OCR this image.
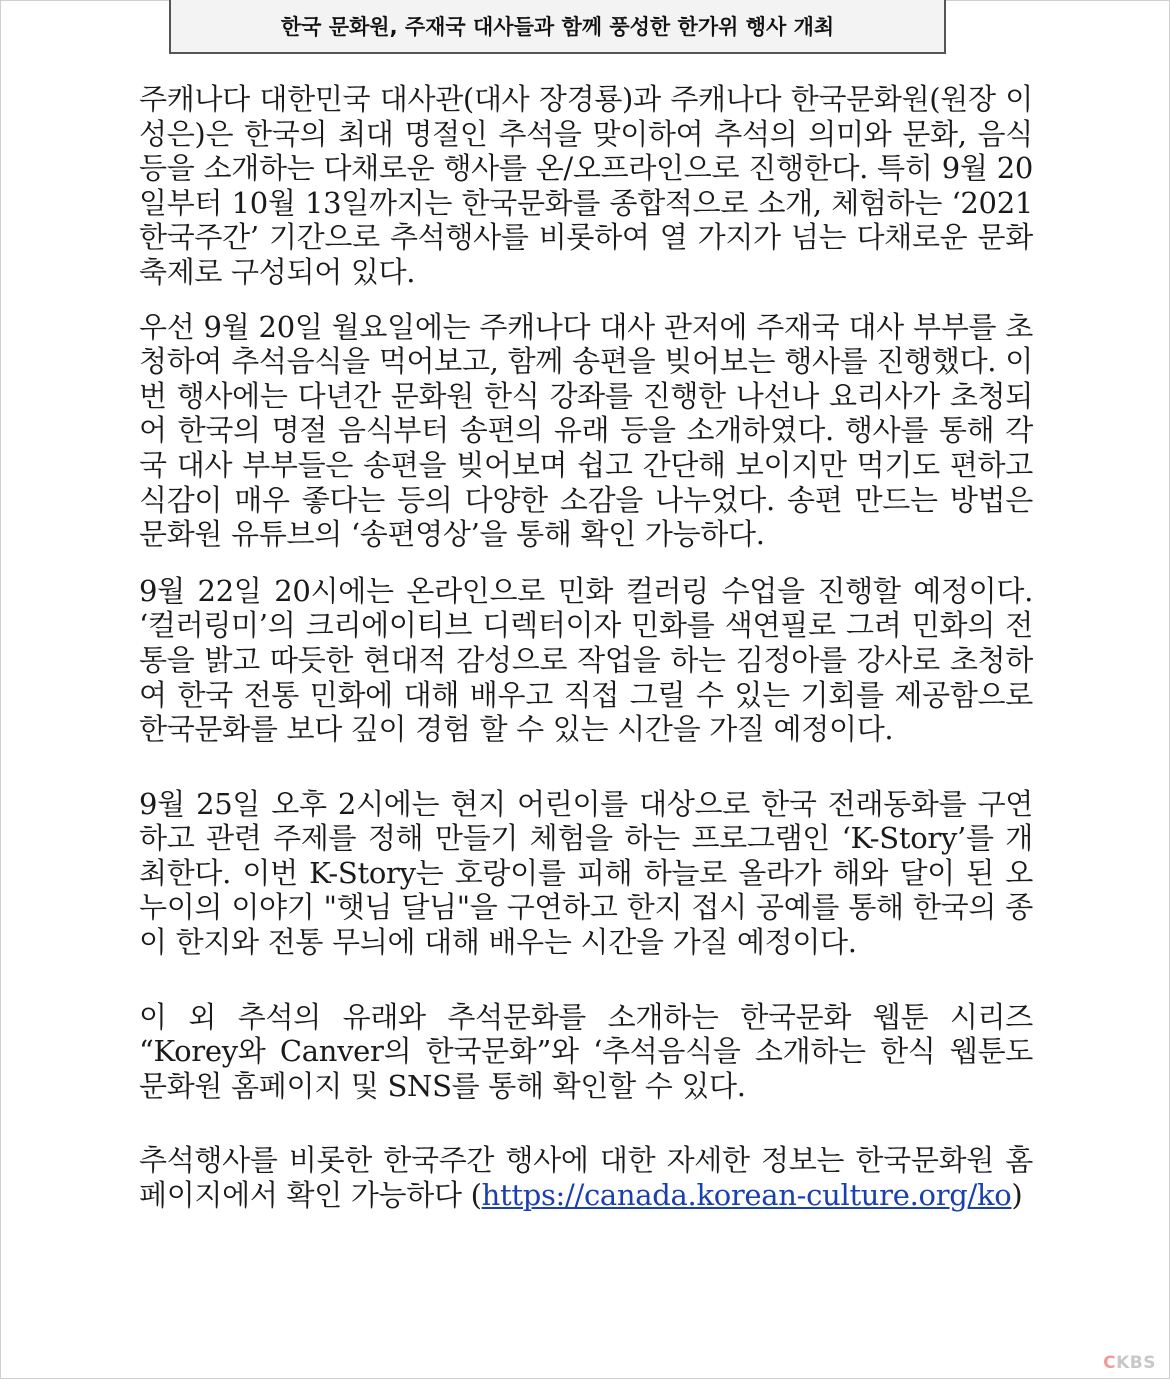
한국 문화원, 주재국 대사들과 함께 풍성한 한가위 행사 개최

주캐나다 대한민국 대사관(대사 장경룡)과 주캐나다 한국문화원(원장 이성은)은 한국의 최대 명절인 추석을 맞이하여 추석의 의미와 문화, 음식 등을 소개하는 다채로운 행사를 온/오프라인으로 진행한다. 특히 9월 20일부터 10월 13일까지는 한국문화를 종합적으로 소개, 체험하는 ‘2021 한국주간’ 기간으로 추석행사를 비롯하여 열 가지가 넘는 다채로운 문화축제로 구성되어 있다.

우선 9월 20일 월요일에는 주캐나다 대사 관저에 주재국 대사 부부를 초청하여 추석음식을 먹어보고, 함께 송편을 빚어보는 행사를 진행했다. 이번 행사에는 다년간 문화원 한식 강좌를 진행한 나선나 요리사가 초청되어 한국의 명절 음식부터 송편의 유래 등을 소개하였다. 행사를 통해 각국 대사 부부들은 송편을 빚어보며 쉽고 간단해 보이지만 먹기도 편하고 식감이 매우 좋다는 등의 다양한 소감을 나누었다. 송편 만드는 방법은 문화원 유튜브의 ‘송편영상’을 통해 확인 가능하다.

9월 22일 20시에는 온라인으로 민화 컬러링 수업을 진행할 예정이다. ‘컬러링미’의 크리에이티브 디렉터이자 민화를 색연필로 그려 민화의 전통을 밝고 따듯한 현대적 감성으로 작업을 하는 김정아를 강사로 초청하여 한국 전통 민화에 대해 배우고 직접 그릴 수 있는 기회를 제공함으로 한국문화를 보다 깊이 경험 할 수 있는 시간을 가질 예정이다.

9월 25일 오후 2시에는 현지 어린이를 대상으로 한국 전래동화를 구연하고 관련 주제를 정해 만들기 체험을 하는 프로그램인 ‘K-Story’를 개최한다. 이번 K-Story는 호랑이를 피해 하늘로 올라가 해와 달이 된 오누이의 이야기 "햇님 달님"을 구연하고 한지 접시 공예를 통해 한국의 종이 한지와 전통 무늬에 대해 배우는 시간을 가질 예정이다.

이 외 추석의 유래와 추석문화를 소개하는 한국문화 웹툰 시리즈 “Korey와 Canver의 한국문화”와 ‘추석음식을 소개하는 한식 웹툰도 문화원 홈페이지 및 SNS를 통해 확인할 수 있다.

추석행사를 비롯한 한국주간 행사에 대한 자세한 정보는 한국문화원 홈페이지에서 확인 가능하다 (https://canada.korean-culture.org/ko)

CKBS
